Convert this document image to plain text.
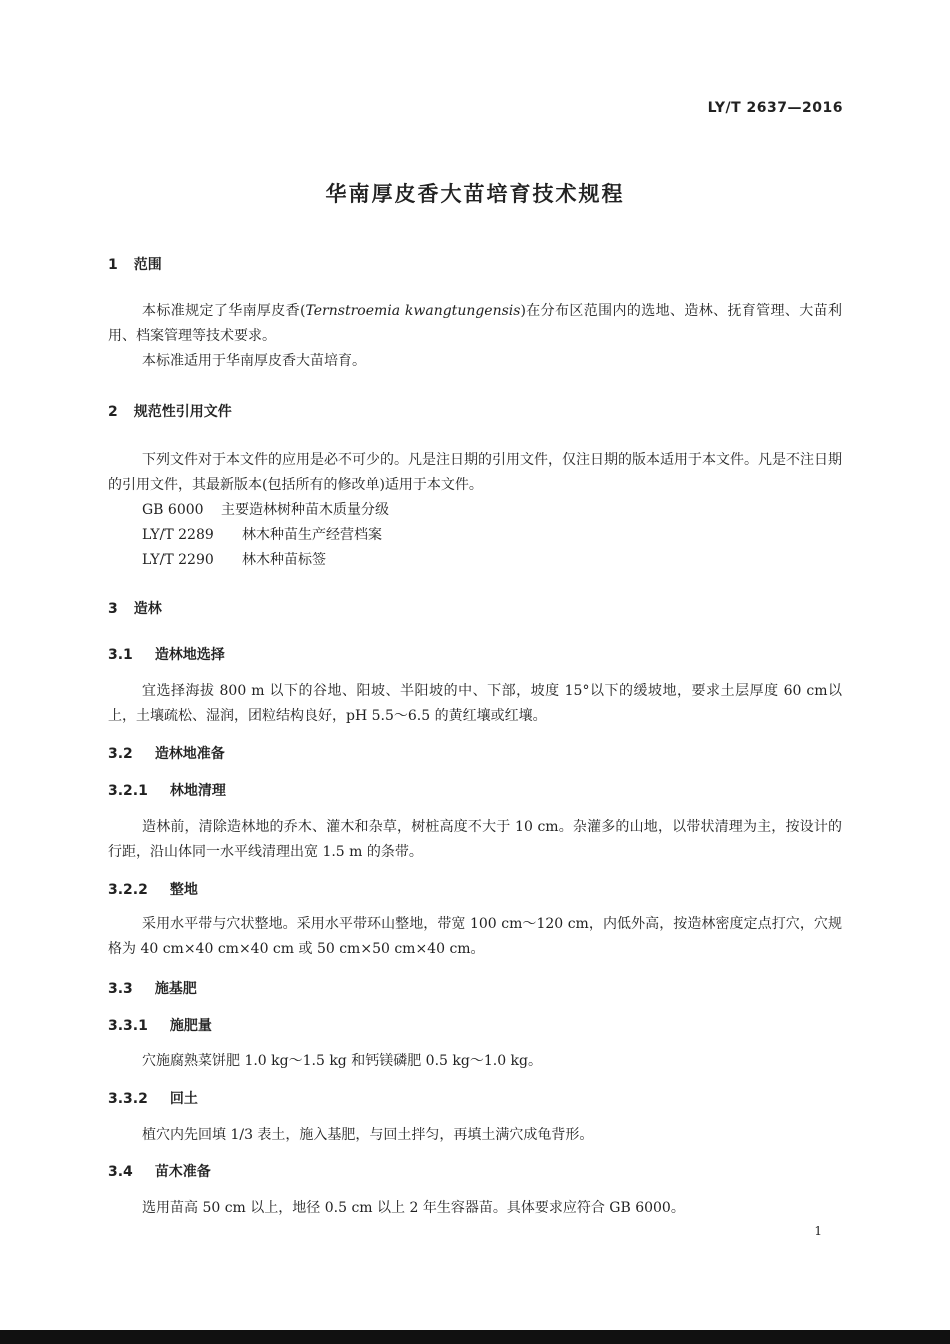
LY/T 2637—2016
华南厚皮香大苗培育技术规程
1 范围
本标准规定了华南厚皮香(Ternstroemia kwangtungensis)在分布区范围内的选地、造林、抚育管理、大苗利用、档案管理等技术要求。
本标准适用于华南厚皮香大苗培育。
2 规范性引用文件
下列文件对于本文件的应用是必不可少的。凡是注日期的引用文件，仅注日期的版本适用于本文件。凡是不注日期的引用文件，其最新版本(包括所有的修改单)适用于本文件。
GB 6000 主要造林树种苗木质量分级
LY/T 2289 林木种苗生产经营档案
LY/T 2290 林木种苗标签
3 造林
3.1 造林地选择
宜选择海拔 800 m 以下的谷地、阳坡、半阳坡的中、下部，坡度 15°以下的缓坡地，要求土层厚度 60 cm以上，土壤疏松、湿润，团粒结构良好，pH 5.5～6.5 的黄红壤或红壤。
3.2 造林地准备
3.2.1 林地清理
造林前，清除造林地的乔木、灌木和杂草，树桩高度不大于 10 cm。杂灌多的山地，以带状清理为主，按设计的行距，沿山体同一水平线清理出宽 1.5 m 的条带。
3.2.2 整地
采用水平带与穴状整地。采用水平带环山整地，带宽 100 cm～120 cm，内低外高，按造林密度定点打穴，穴规格为 40 cm×40 cm×40 cm 或 50 cm×50 cm×40 cm。
3.3 施基肥
3.3.1 施肥量
穴施腐熟菜饼肥 1.0 kg～1.5 kg 和钙镁磷肥 0.5 kg～1.0 kg。
3.3.2 回土
植穴内先回填 1/3 表土，施入基肥，与回土拌匀，再填土满穴成龟背形。
3.4 苗木准备
选用苗高 50 cm 以上，地径 0.5 cm 以上 2 年生容器苗。具体要求应符合 GB 6000。
1
